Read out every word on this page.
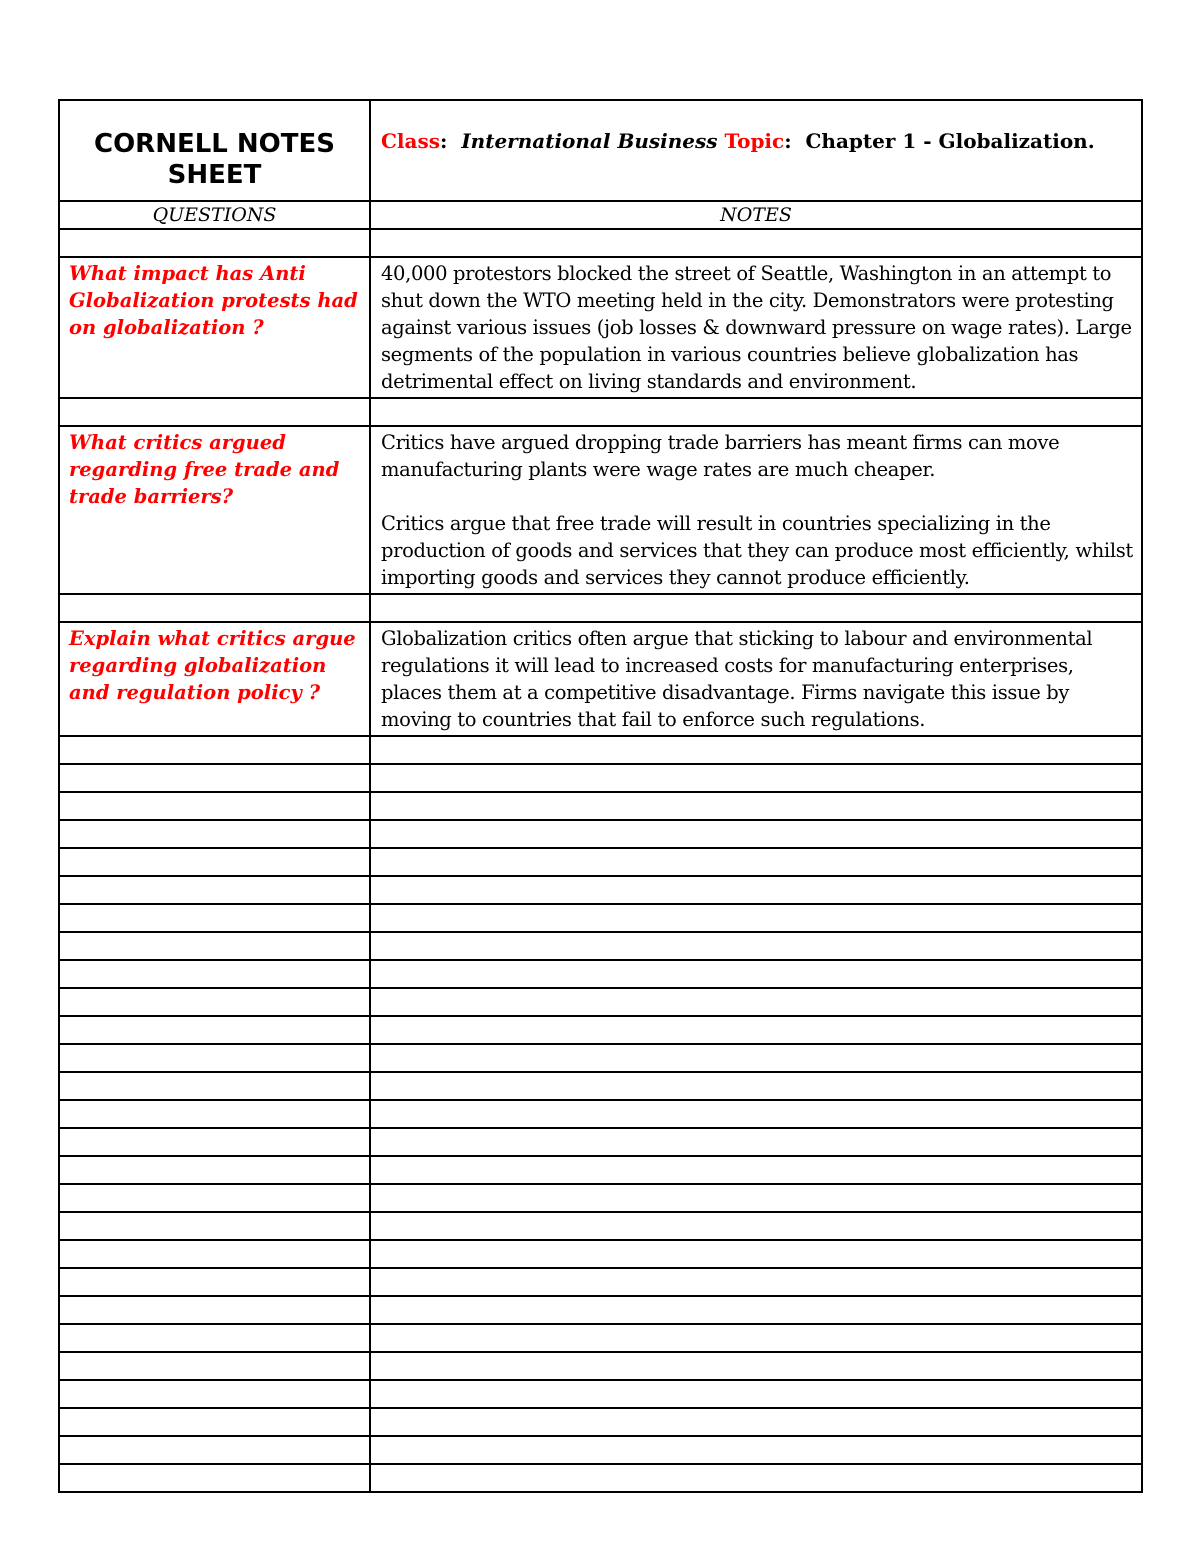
CORNELL NOTES SHEET	Class:  International Business Topic:  Chapter 1 - Globalization.
QUESTIONS	NOTES

What impact has Anti Globalization protests had on globalization ?	40,000 protestors blocked the street of Seattle, Washington in an attempt to shut down the WTO meeting held in the city. Demonstrators were protesting against various issues (job losses & downward pressure on wage rates). Large segments of the population in various countries believe globalization has detrimental effect on living standards and environment.

What critics argued regarding free trade and trade barriers?	Critics have argued dropping trade barriers has meant firms can move manufacturing plants were wage rates are much cheaper.

Critics argue that free trade will result in countries specializing in the production of goods and services that they can produce most efficiently, whilst importing goods and services they cannot produce efficiently.

Explain what critics argue regarding globalization and regulation policy ?	Globalization critics often argue that sticking to labour and environmental regulations it will lead to increased costs for manufacturing enterprises, places them at a competitive disadvantage. Firms navigate this issue by moving to countries that fail to enforce such regulations.
